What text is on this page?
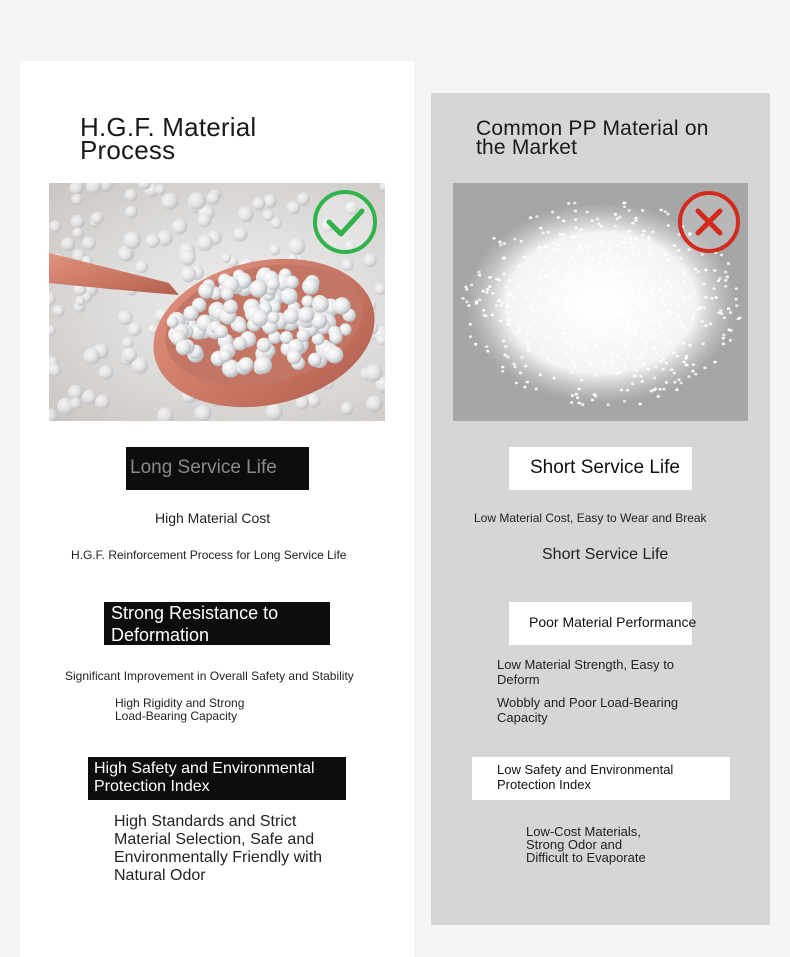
H.G.F. Material Process
Long Service Life
High Material Cost
H.G.F. Reinforcement Process for Long Service Life
Strong Resistance to Deformation
Significant Improvement in Overall Safety and Stability
High Rigidity and Strong Load-Bearing Capacity
High Safety and Environmental Protection Index
High Standards and Strict Material Selection, Safe and Environmentally Friendly with Natural Odor
Common PP Material on the Market
Short Service Life
Low Material Cost, Easy to Wear and Break
Short Service Life
Poor Material Performance
Low Material Strength, Easy to Deform
Wobbly and Poor Load-Bearing Capacity
Low Safety and Environmental Protection Index
Low-Cost Materials, Strong Odor and Difficult to Evaporate
